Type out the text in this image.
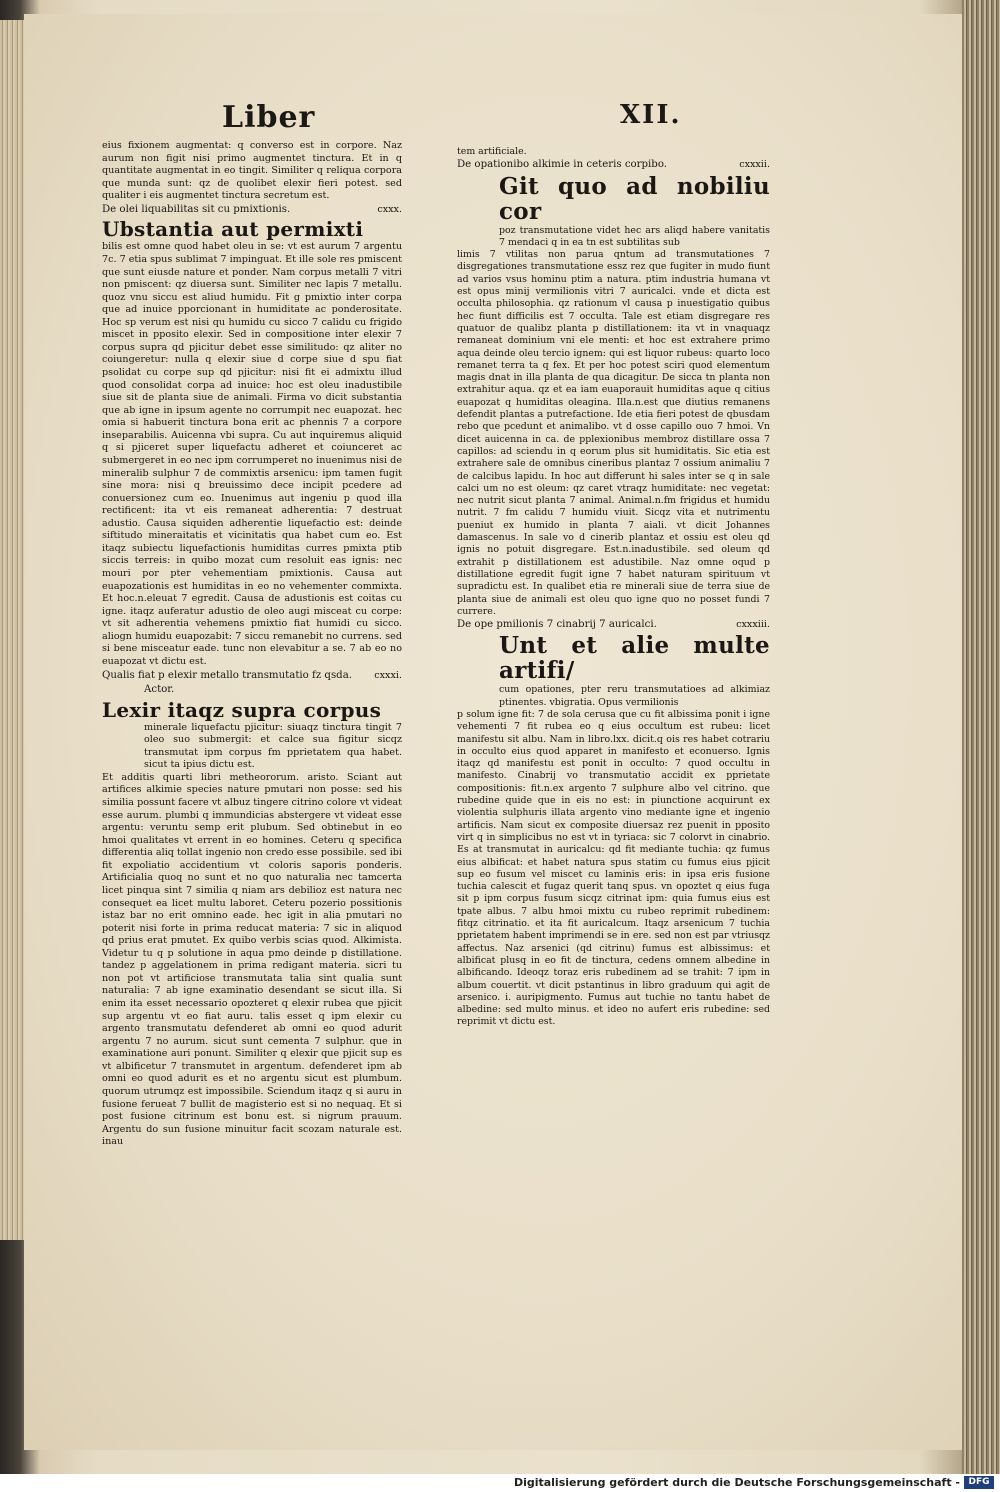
Liber	XII.

eius fixionem augmentat: q converso est in corpore. Naz aurum non figit nisi primo augmentet tinctura. Et in q quantitate augmentat in eo tingit. Similiter q reliqua corpora que munda sunt: qz de quolibet elexir fieri potest. sed qualiter i eis augmentet tinctura secretum est.

cxxx.
De olei liquabilitas sit cu pmixtionis.
Ubstantia aut permixti

bilis est omne quod habet oleu in se: vt est aurum 7 argentu 7c. 7 etia spus sublimat 7 impinguat. Et ille sole res pmiscent que sunt eiusde nature et ponder. Nam corpus metalli 7 vitri non pmiscent: qz diuersa sunt. Similiter nec lapis 7 metallu. quoz vnu siccu est aliud humidu. Fit g pmixtio inter corpa que ad inuice pporcionant in humiditate ac ponderositate. Hoc sp verum est nisi qu humidu cu sicco 7 calidu cu frigido miscet in pposito elexir. Sed in compositione inter elexir 7 corpus supra qd pjicitur debet esse similitudo: qz aliter no coiungeretur: nulla q elexir siue d corpe siue d spu fiat psolidat cu corpe sup qd pjicitur: nisi fit ei admixtu illud quod consolidat corpa ad inuice: hoc est oleu inadustibile siue sit de planta siue de animali. Firma vo dicit substantia que ab igne in ipsum agente no corrumpit nec euapozat. hec omia si habuerit tinctura bona erit ac phennis 7 a corpore inseparabilis. Auicenna vbi supra. Cu aut inquiremus aliquid q si pjiceret super liquefactu adheret et coiunceret ac submergeret in eo nec ipm corrumperet no inuenimus nisi de mineralib sulphur 7 de commixtis arsenicu: ipm tamen fugit sine mora: nisi q breuissimo dece incipit pcedere ad conuersionez cum eo. Inuenimus aut ingeniu p quod illa rectificent: ita vt eis remaneat adherentia: 7 destruat adustio. Causa siquiden adherentie liquefactio est: deinde siftitudo mineraitatis et vicinitatis qua habet cum eo. Est itaqz subiectu liquefactionis humiditas curres pmixta ptib siccis terreis: in quibo mozat cum resoluit eas ignis: nec mouri por pter vehementiam pmixtionis. Causa aut euapozationis est humiditas in eo no vehementer commixta. Et hoc.n.eleuat 7 egredit. Causa de adustionis est coitas cu igne. itaqz auferatur adustio de oleo augi misceat cu corpe: vt sit adherentia vehemens pmixtio fiat humidi cu sicco. aliogn humidu euapozabit: 7 siccu remanebit no currens. sed si bene misceatur eade. tunc non elevabitur a se. 7 ab eo no euapozat vt dictu est.

cxxxi.
Qualis fiat p elexir metallo transmutatio fz qsda.
Actor.
Lexir itaqz supra corpus

minerale liquefactu pjicitur: siuaqz tinctura tingit 7 oleo suo submergit: et calce sua figitur sicqz transmutat ipm corpus fm pprietatem qua habet. sicut ta ipius dictu est.

Et additis quarti libri metheororum. aristo. Sciant aut artifices alkimie species nature pmutari non posse: sed his similia possunt facere vt albuz tingere citrino colore vt videat esse aurum. plumbi q immundicias abstergere vt videat esse argentu: veruntu semp erit plubum. Sed obtinebut in eo hmoi qualitates vt errent in eo homines. Ceteru q specifica differentia aliq tollat ingenio non credo esse possibile. sed ibi fit expoliatio accidentium vt coloris saporis ponderis. Artificialia quoq no sunt et no quo naturalia nec tamcerta licet pinqua sint 7 similia q niam ars debilioz est natura nec consequet ea licet multu laboret. Ceteru pozerio possitionis istaz bar no erit omnino eade. hec igit in alia pmutari no poterit nisi forte in prima reducat materia: 7 sic in aliquod qd prius erat pmutet. Ex quibo verbis scias quod. Alkimista. Videtur tu q p solutione in aqua pmo deinde p distillatione. tandez p aggelationem in prima redigant materia. sicri tu non pot vt artificiose transmutata talia sint qualia sunt naturalia: 7 ab igne examinatio desendant se sicut illa. Si enim ita esset necessario opozteret q elexir rubea que pjicit sup argentu vt eo fiat auru. talis esset q ipm elexir cu argento transmutatu defenderet ab omni eo quod adurit argentu 7 no aurum. sicut sunt cementa 7 sulphur. que in examinatione auri ponunt. Similiter q elexir que pjicit sup es vt albificetur 7 transmutet in argentum. defenderet ipm ab omni eo quod adurit es et no argentu sicut est plumbum. quorum utrumqz est impossibile. Sciendum itaqz q si auru in fusione ferueat 7 bullit de magisterio est si no nequaq. Et si post fusione citrinum est bonu est. si nigrum prauum. Argentu do sun fusione minuitur facit scozam naturale est. inau

tem artificiale.

cxxxii.
De opationibo alkimie in ceteris corpibo.
Git quo ad nobiliu cor

poz transmutatione videt hec ars aliqd habere vanitatis 7 mendaci q in ea tn est subtilitas sub

limis 7 vtilitas non parua qntum ad transmutationes 7 disgregationes transmutatione essz rez que fugiter in mudo fiunt ad varios vsus hominu ptim a natura. ptim industria humana vt est opus minij vermilionis vitri 7 auricalci. vnde et dicta est occulta philosophia. qz rationum vl causa p inuestigatio quibus hec fiunt difficilis est 7 occulta. Tale est etiam disgregare res quatuor de qualibz planta p distillationem: ita vt in vnaquaqz remaneat dominium vni ele menti: et hoc est extrahere primo aqua deinde oleu tercio ignem: qui est liquor rubeus: quarto loco remanet terra ta q fex. Et per hoc potest sciri quod elementum magis dnat in illa planta de qua dicagitur. De sicca tn planta non extrahitur aqua. qz et ea iam euaporauit humiditas aque q citius euapozat q humiditas oleagina. Illa.n.est que diutius remanens defendit plantas a putrefactione. Ide etia fieri potest de qbusdam rebo que pcedunt et animalibo. vt d osse capillo ouo 7 hmoi. Vn dicet auicenna in ca. de pplexionibus membroz distillare ossa 7 capillos: ad sciendu in q eorum plus sit humiditatis. Sic etia est extrahere sale de omnibus cineribus plantaz 7 ossium animaliu 7 de calcibus lapidu. In hoc aut differunt hi sales inter se q in sale calci um no est oleum: qz caret vtraqz humiditate: nec vegetat: nec nutrit sicut planta 7 animal. Animal.n.fm frigidus et humidu nutrit. 7 fm calidu 7 humidu viuit. Sicqz vita et nutrimentu pueniut ex humido in planta 7 aiali. vt dicit Johannes damascenus. In sale vo d cinerib plantaz et ossiu est oleu qd ignis no potuit disgregare. Est.n.inadustibile. sed oleum qd extrahit p distillationem est adustibile. Naz omne oqud p distillatione egredit fugit igne 7 habet naturam spirituum vt supradictu est. In qualibet etia re minerali siue de terra siue de planta siue de animali est oleu quo igne quo no posset fundi 7 currere.

cxxxiii.
De ope pmilionis 7 cinabrij 7 auricalci.
Unt et alie multe artifi/

cum opationes, pter reru transmutatioes ad alkimiaz ptinentes. vbigratia. Opus vermilionis

p solum igne fit: 7 de sola cerusa que cu fit albissima ponit i igne vehementi 7 fit rubea eo q eius occultum est rubeu: licet manifestu sit albu. Nam in libro.lxx. dicit.q ois res habet cotrariu in occulto eius quod apparet in manifesto et econuerso. Ignis itaqz qd manifestu est ponit in occulto: 7 quod occultu in manifesto. Cinabrij vo transmutatio accidit ex pprietate compositionis: fit.n.ex argento 7 sulphure albo vel citrino. que rubedine quide que in eis no est: in piunctione acquirunt ex violentia sulphuris illata argento vino mediante igne et ingenio artificis. Nam sicut ex composite diuersaz rez puenit in pposito virt q in simplicibus no est vt in tyriaca: sic 7 colorvt in cinabrio. Es at transmutat in auricalcu: qd fit mediante tuchia: qz fumus eius albificat: et habet natura spus statim cu fumus eius pjicit sup eo fusum vel miscet cu laminis eris: in ipsa eris fusione tuchia calescit et fugaz querit tanq spus. vn opoztet q eius fuga sit p ipm corpus fusum sicqz citrinat ipm: quia fumus eius est tpate albus. 7 albu hmoi mixtu cu rubeo reprimit rubedinem: fitqz citrinatio. et ita fit auricalcum. Itaqz arsenicum 7 tuchia pprietatem habent imprimendi se in ere. sed non est par vtriusqz affectus. Naz arsenici (qd citrinu) fumus est albissimus: et albificat plusq in eo fit de tinctura, cedens omnem albedine in albificando. Ideoqz toraz eris rubedinem ad se trahit: 7 ipm in album couertit. vt dicit pstantinus in libro graduum qui agit de arsenico. i. auripigmento. Fumus aut tuchie no tantu habet de albedine: sed multo minus. et ideo no aufert eris rubedine: sed reprimit vt dictu est.

Digitalisierung gefördert durch die Deutsche Forschungsgemeinschaft - DFG
